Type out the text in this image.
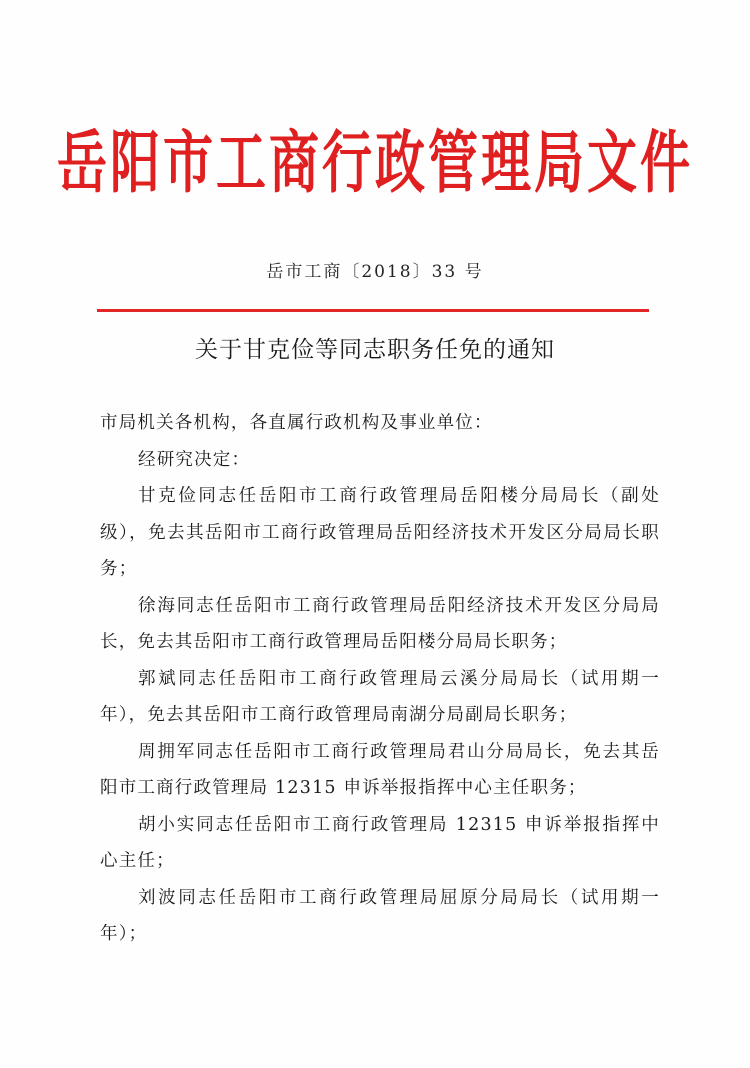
岳阳市工商行政管理局文件
岳市工商〔2018〕33 号
关于甘克俭等同志职务任免的通知

市局机关各机构，各直属行政机构及事业单位：

经研究决定：

甘克俭同志任岳阳市工商行政管理局岳阳楼分局局长（副处级），免去其岳阳市工商行政管理局岳阳经济技术开发区分局局长职务；

徐海同志任岳阳市工商行政管理局岳阳经济技术开发区分局局长，免去其岳阳市工商行政管理局岳阳楼分局局长职务；

郭斌同志任岳阳市工商行政管理局云溪分局局长（试用期一年），免去其岳阳市工商行政管理局南湖分局副局长职务；

周拥军同志任岳阳市工商行政管理局君山分局局长，免去其岳阳市工商行政管理局 12315 申诉举报指挥中心主任职务；

胡小实同志任岳阳市工商行政管理局 12315 申诉举报指挥中心主任；

刘波同志任岳阳市工商行政管理局屈原分局局长（试用期一年）；
